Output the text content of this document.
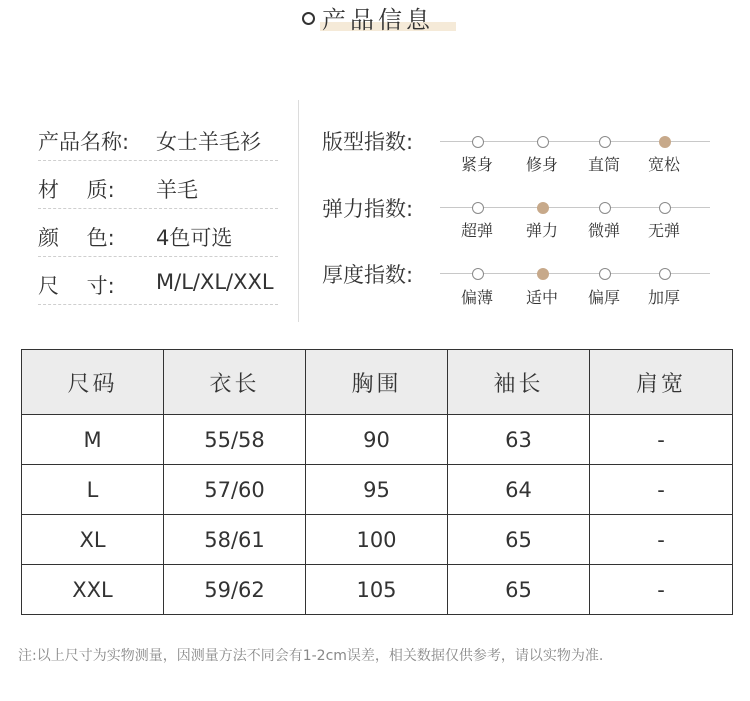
产品信息
产品名称: 女士羊毛衫
材　 质: 羊毛
颜　 色: 4色可选
尺　 寸: M/L/XL/XXL
版型指数:
紧身	修身	直筒	宽松
弹力指数:
超弹	弹力	微弹	无弹
厚度指数:
偏薄	适中	偏厚	加厚
尺码	衣长	胸围	袖长	肩宽
M	55/58	90	63	-
L	57/60	95	64	-
XL	58/61	100	65	-
XXL	59/62	105	65	-
注:以上尺寸为实物测量，因测量方法不同会有1-2cm误差，相关数据仅供参考，请以实物为准.
